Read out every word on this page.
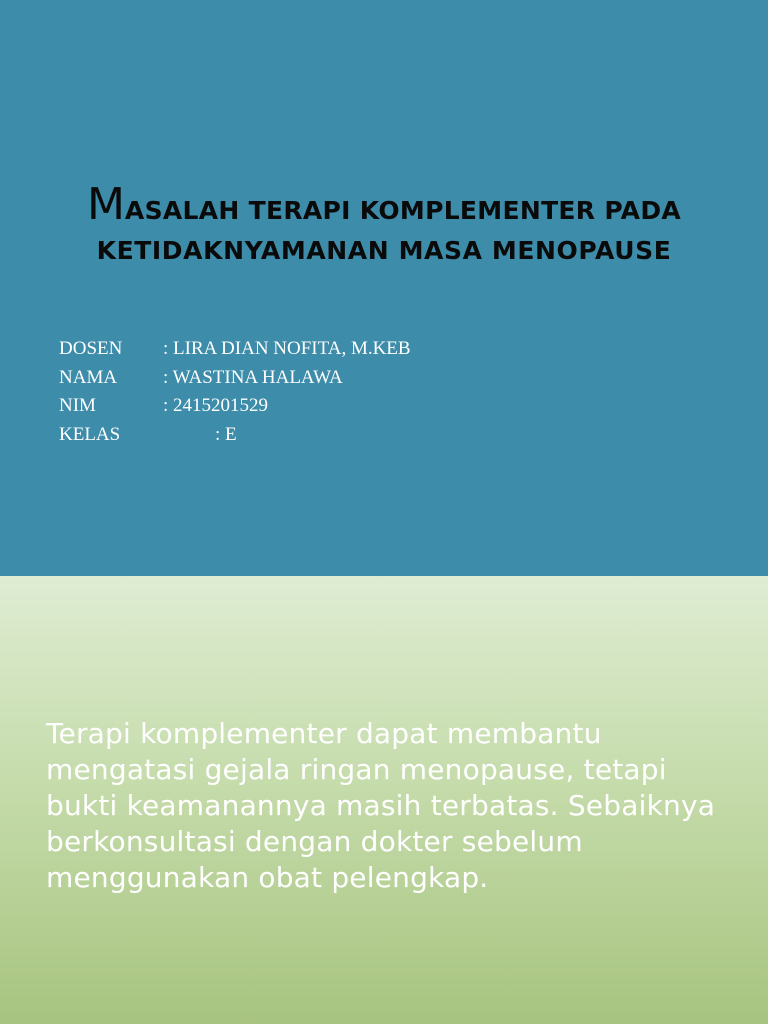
MASALAH TERAPI KOMPLEMENTER PADA
KETIDAKNYAMANAN MASA MENOPAUSE
DOSEN	: LIRA DIAN NOFITA, M.KEB
NAMA	: WASTINA HALAWA
NIM	: 2415201529
KELAS	: E
Terapi komplementer dapat membantu mengatasi gejala ringan menopause, tetapi bukti keamanannya masih terbatas. Sebaiknya berkonsultasi dengan dokter sebelum menggunakan obat pelengkap.
